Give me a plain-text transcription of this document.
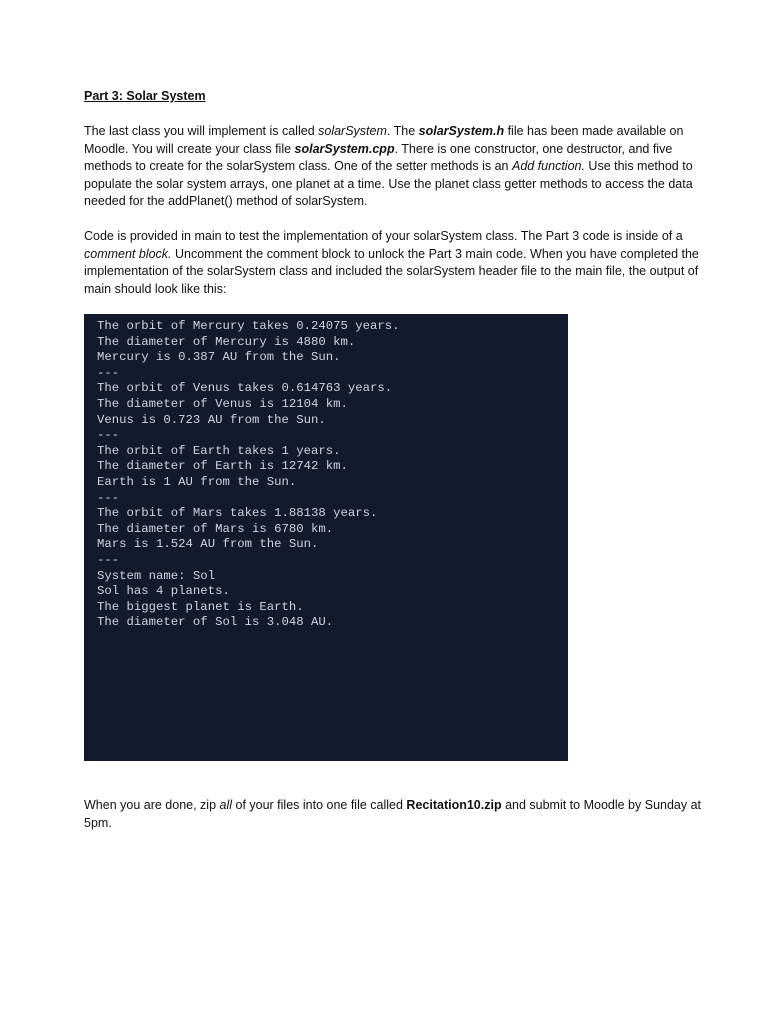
Part 3: Solar System

The last class you will implement is called solarSystem. The solarSystem.h file has been made available on Moodle. You will create your class file solarSystem.cpp. There is one constructor, one destructor, and five methods to create for the solarSystem class. One of the setter methods is an Add function. Use this method to populate the solar system arrays, one planet at a time. Use the planet class getter methods to access the data needed for the addPlanet() method of solarSystem.

Code is provided in main to test the implementation of your solarSystem class. The Part 3 code is inside of a comment block. Uncomment the comment block to unlock the Part 3 main code. When you have completed the implementation of the solarSystem class and included the solarSystem header file to the main file, the output of main should look like this:

The orbit of Mercury takes 0.24075 years.
The diameter of Mercury is 4880 km.
Mercury is 0.387 AU from the Sun.
---
The orbit of Venus takes 0.614763 years.
The diameter of Venus is 12104 km.
Venus is 0.723 AU from the Sun.
---
The orbit of Earth takes 1 years.
The diameter of Earth is 12742 km.
Earth is 1 AU from the Sun.
---
The orbit of Mars takes 1.88138 years.
The diameter of Mars is 6780 km.
Mars is 1.524 AU from the Sun.
---
System name: Sol
Sol has 4 planets.
The biggest planet is Earth.
The diameter of Sol is 3.048 AU.

When you are done, zip all of your files into one file called Recitation10.zip and submit to Moodle by Sunday at 5pm.
